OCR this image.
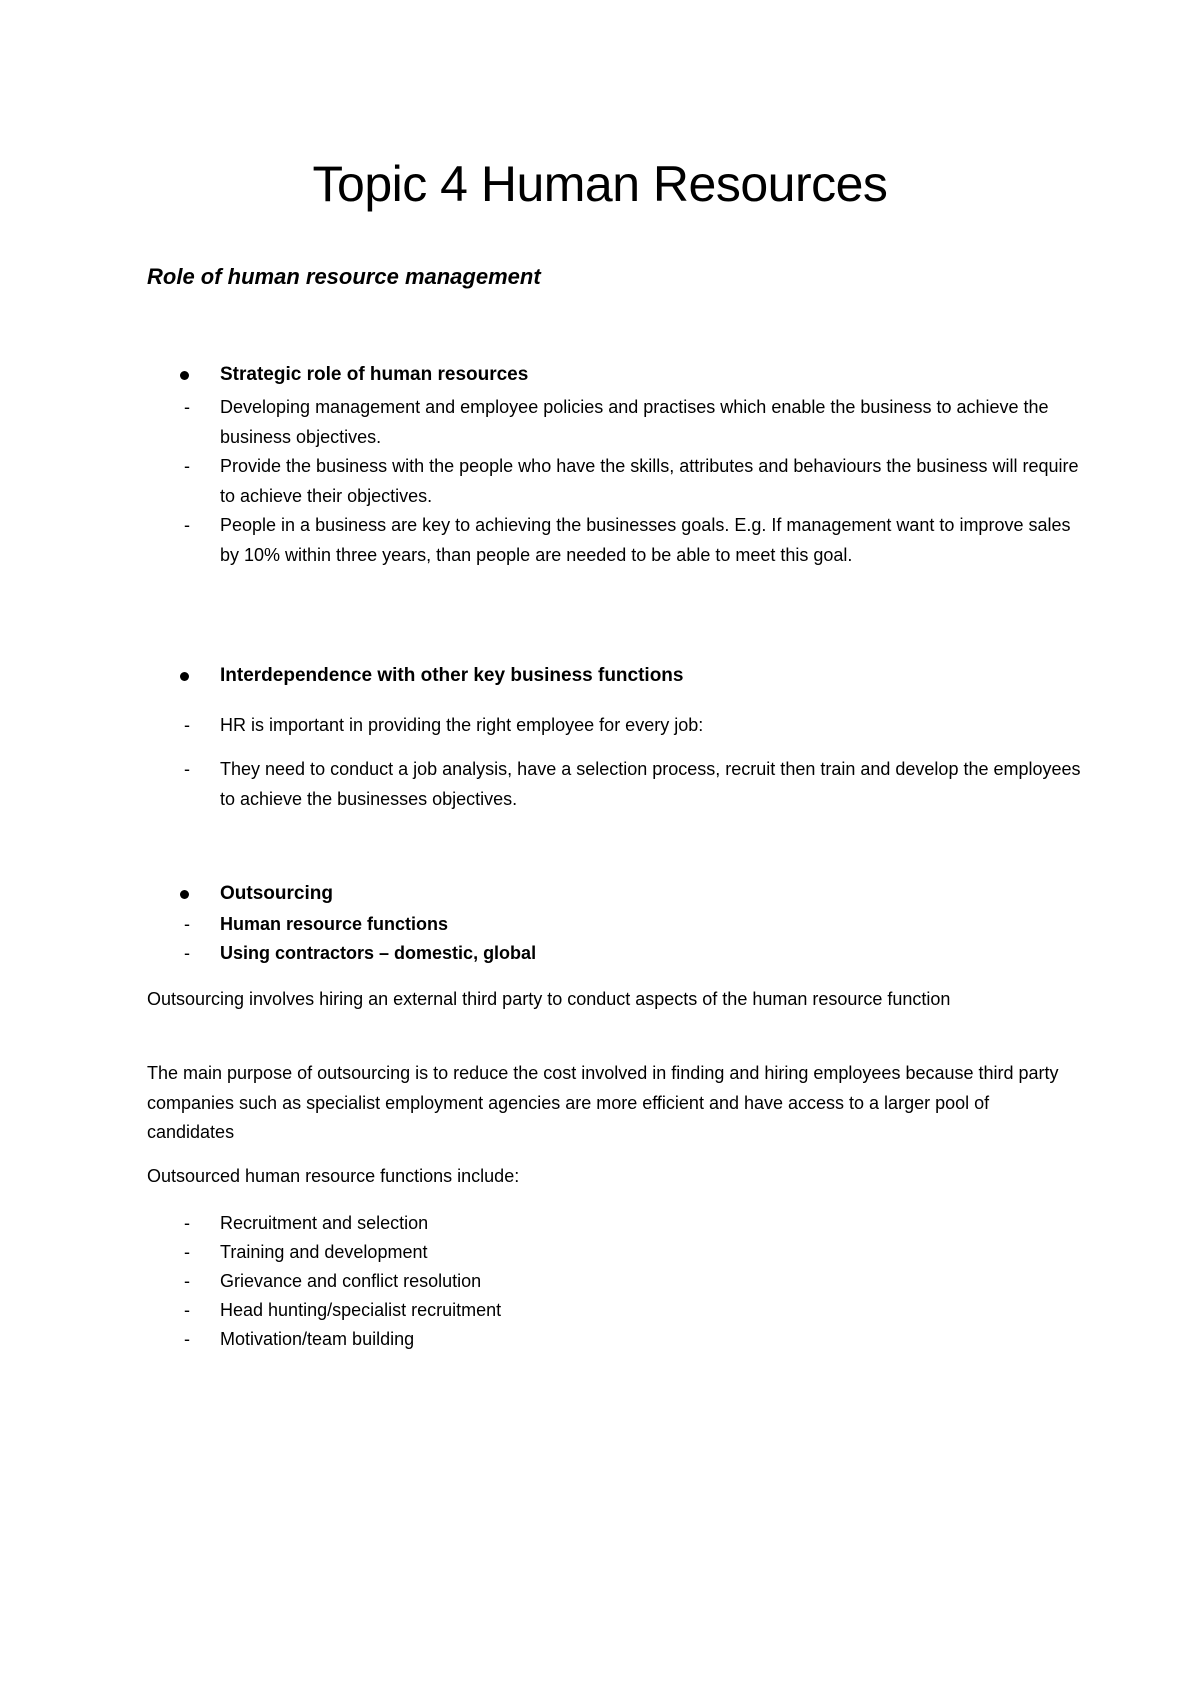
Topic 4 Human Resources
Role of human resource management
Strategic role of human resources
- Developing management and employee policies and practises which enable the business to achieve the business objectives.
- Provide the business with the people who have the skills, attributes and behaviours the business will require to achieve their objectives.
- People in a business are key to achieving the businesses goals. E.g. If management want to improve sales by 10% within three years, than people are needed to be able to meet this goal.
Interdependence with other key business functions
- HR is important in providing the right employee for every job:
- They need to conduct a job analysis, have a selection process, recruit then train and develop the employees to achieve the businesses objectives.
Outsourcing
- Human resource functions
- Using contractors – domestic, global

Outsourcing involves hiring an external third party to conduct aspects of the human resource function

The main purpose of outsourcing is to reduce the cost involved in finding and hiring employees because third party companies such as specialist employment agencies are more efficient and have access to a larger pool of candidates

Outsourced human resource functions include:

- Recruitment and selection
- Training and development
- Grievance and conflict resolution
- Head hunting/specialist recruitment
- Motivation/team building
